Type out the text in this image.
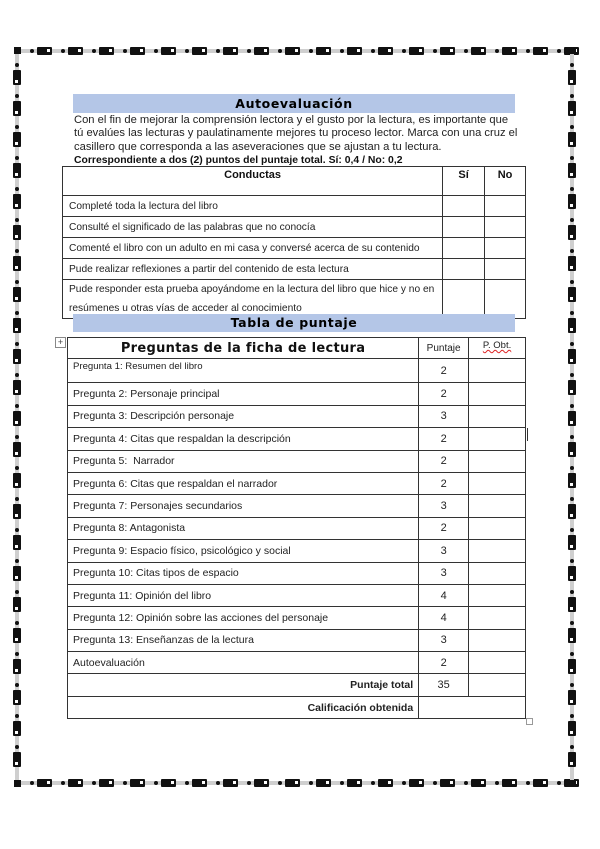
Autoevaluación
Con el fin de mejorar la comprensión lectora y el gusto por la lectura, es importante que tú evalúes las lecturas y paulatinamente mejores tu proceso lector. Marca con una cruz el casillero que corresponda a las aseveraciones que se ajustan a tu lectura.
Correspondiente a dos (2) puntos del puntaje total. Sí: 0,4 / No: 0,2
Conductas	Sí	No
Completé toda la lectura del libro		
Consulté el significado de las palabras que no conocía		
Comenté el libro con un adulto en mi casa y conversé acerca de su contenido		
Pude realizar reflexiones a partir del contenido de esta lectura		
Pude responder esta prueba apoyándome en la lectura del libro que hice y no en resúmenes u otras vías de acceder al conocimiento		
Tabla de puntaje
+	Preguntas de la ficha de lectura	Puntaje	P. Obt.
Pregunta 1: Resumen del libro	2	
Pregunta 2: Personaje principal	2	
Pregunta 3: Descripción personaje	3	
Pregunta 4: Citas que respaldan la descripción	2	
Pregunta 5:  Narrador	2	
Pregunta 6: Citas que respaldan el narrador	2	
Pregunta 7: Personajes secundarios	3	
Pregunta 8: Antagonista	2	
Pregunta 9: Espacio físico, psicológico y social	3	
Pregunta 10: Citas tipos de espacio	3	
Pregunta 11: Opinión del libro	4	
Pregunta 12: Opinión sobre las acciones del personaje	4	
Pregunta 13: Enseñanzas de la lectura	3	
Autoevaluación	2	
Puntaje total	35	
Calificación obtenida		
